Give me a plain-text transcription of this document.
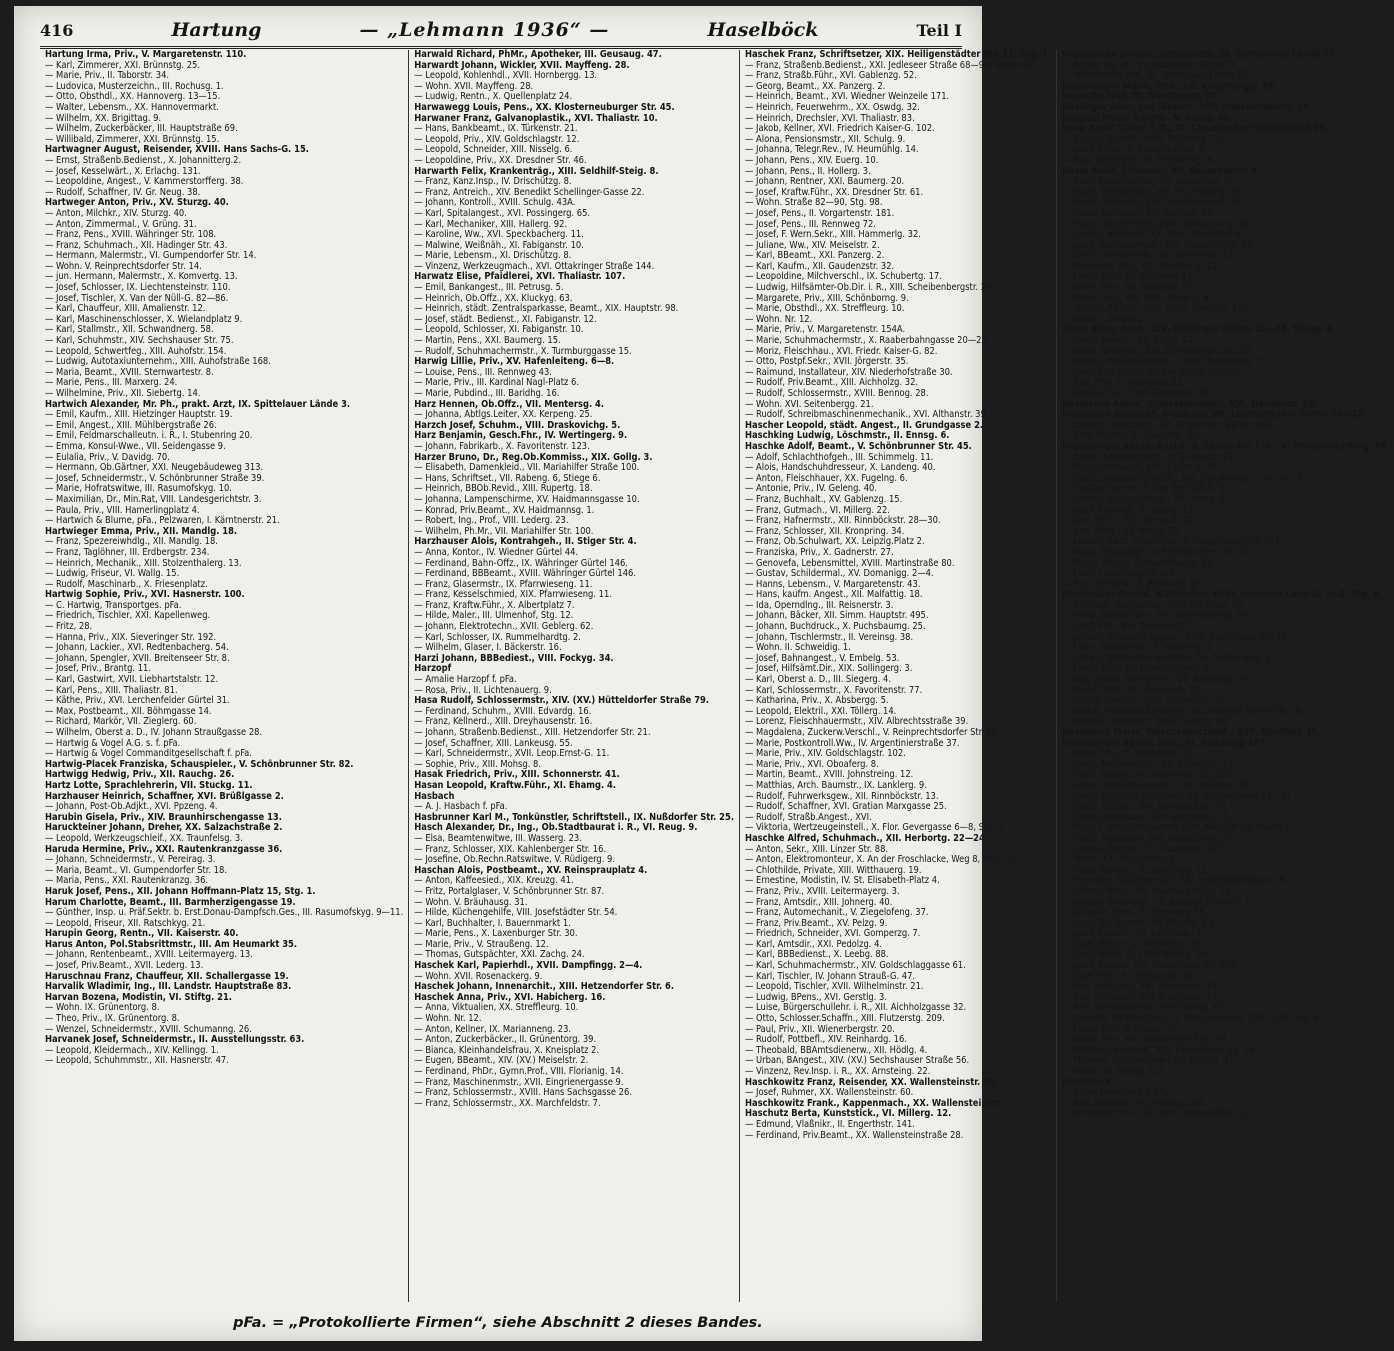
416	Hartung	— „Lehmann 1936“ —	Haselböck	Teil I
Hartung Irma, Priv., V. Margaretenstr. 110.
— Karl, Zimmerer, XXI. Brünnstg. 25.
— Marie, Priv., II. Taborstr. 34.
— Ludovica, Musterzeichn., III. Rochusg. 1.
— Otto, Obsthdl., XX. Hannoverg. 13—15.
— Walter, Lebensm., XX. Hannovermarkt.
— Wilhelm, XX. Brigittag. 9.
— Wilhelm, Zuckerbäcker, III. Hauptstraße 69.
— Willibald, Zimmerer, XXI. Brünnstg. 15.
Hartwagner August, Reisender, XVIII. Hans Sachs-G. 15.
— Ernst, Straßenb.Bedienst., X. Johannitterg.2.
— Josef, Kesselwärt., X. Erlachg. 131.
— Leopoldine, Angest., V. Kammerstorfferg. 38.
— Rudolf, Schaffner, IV. Gr. Neug. 38.
Hartweger Anton, Priv., XV. Sturzg. 40.
— Anton, Milchkr., XIV. Sturzg. 40.
— Anton, Zimmermal., V. Grüng. 31.
— Franz, Pens., XVIII. Währinger Str. 108.
— Franz, Schuhmach., XII. Hadinger Str. 43.
— Hermann, Malermstr., VI. Gumpendorfer Str. 14.
— Wohn. V. Reinprechtsdorfer Str. 14.
— jun. Hermann, Malermstr., X. Komvertg. 13.
— Josef, Schlosser, IX. Liechtensteinstr. 110.
— Josef, Tischler, X. Van der Nüll-G. 82—86.
— Karl, Chauffeur, XIII. Amalienstr. 12.
— Karl, Maschinenschlosser, X. Wielandplatz 9.
— Karl, Stallmstr., XII. Schwandnerg. 58.
— Karl, Schuhmstr., XIV. Sechshauser Str. 75.
— Leopold, Schwertfeg., XIII. Auhofstr. 154.
— Ludwig, Autotaxiunternehm., XIII. Auhofstraße 168.
— Maria, Beamt., XVIII. Sternwartestr. 8.
— Marie, Pens., III. Marxerg. 24.
— Wilhelmine, Priv., XII. Siebertg. 14.
Hartwich Alexander, Mr. Ph., prakt. Arzt, IX. Spittelauer Lände 3.
— Emil, Kaufm., XIII. Hietzinger Hauptstr. 19.
— Emil, Angest., XIII. Mühlbergstraße 26.
— Emil, Feldmarschalleutn. i. R., I. Stubenring 20.
— Emma, Konsul-Wwe., VII. Seidengasse 9.
— Eulalia, Priv., V. Davidg. 70.
— Hermann, Ob.Gärtner, XXI. Neugebäudeweg 313.
— Josef, Schneidermstr., V. Schönbrunner Straße 39.
— Marie, Hofratswitwe, III. Rasumofskyg. 10.
— Maximilian, Dr., Min.Rat, VIII. Landesgerichtstr. 3.
— Paula, Priv., VIII. Hamerlingplatz 4.
— Hartwich & Blume, pFa., Pelzwaren, I. Kärntnerstr. 21.
Hartwieger Emma, Priv., XII. Mandlg. 18.
— Franz, Spezereiwhdlg., XII. Mandlg. 18.
— Franz, Taglöhner, III. Erdbergstr. 234.
— Heinrich, Mechanik., XIII. Stolzenthalerg. 13.
— Ludwig, Friseur, VI. Wallg. 15.
— Rudolf, Maschinarb., X. Friesenplatz.
Hartwig Sophie, Priv., XVI. Hasnerstr. 100.
— C. Hartwig, Transportges. pFa.
— Friedrich, Tischler, XXI. Kapellenweg.
— Fritz, 28.
— Hanna, Priv., XIX. Sieveringer Str. 192.
— Johann, Lackier., XVI. Redtenbacherg. 54.
— Johann, Spengler, XVII. Breitenseer Str. 8.
— Josef, Priv., Brantg. 11.
— Karl, Gastwirt, XVII. Liebhartstalstr. 12.
— Karl, Pens., XIII. Thaliastr. 81.
— Käthe, Priv., XVI. Lerchenfelder Gürtel 31.
— Max, Postbeamt., XII. Böhmgasse 14.
— Richard, Markör, VII. Zieglerg. 60.
— Wilhelm, Oberst a. D., IV. Johann Straußgasse 28.
— Hartwig & Vogel A.G. s. f. pFa.
— Hartwig & Vogel Commanditgesellschaft f. pFa.
Hartwig-Placek Franziska, Schauspieler., V. Schönbrunner Str. 82.
Hartwigg Hedwig, Priv., XII. Rauchg. 26.
Hartz Lotte, Sprachlehrerin, VII. Stuckg. 11.
Harzhauser Heinrich, Schaffner, XVI. Brüßlgasse 2.
— Johann, Post-Ob.Adjkt., XVI. Ppzeng. 4.
Harubin Gisela, Priv., XIV. Braunhirschengasse 13.
Haruckteiner Johann, Dreher, XX. Salzachstraße 2.
— Leopold, Werkzeugschleif., XX. Traunfelsg. 3.
Haruda Hermine, Priv., XXI. Rautenkranzgasse 36.
— Johann, Schneidermstr., V. Pereirag. 3.
— Maria, Beamt., VI. Gumpendorfer Str. 18.
— Maria, Pens., XXI. Rautenkranzg. 36.
Haruk Josef, Pens., XII. Johann Hoffmann-Platz 15, Stg. 1.
Harum Charlotte, Beamt., III. Barmherzigengasse 19.
— Günther, Insp. u. Präf.Sektr. b. Erst.Donau-Dampfsch.Ges., III. Rasumofskyg. 9—11.
— Leopold, Friseur, XII. Ratschkyg. 21.
Harupin Georg, Rentn., VII. Kaiserstr. 40.
Harus Anton, Pol.Stabsrittmstr., III. Am Heumarkt 35.
— Johann, Rentenbeamt., XVIII. Leitermayerg. 13.
— Josef, Priv.Beamt., XVII. Lederg. 13.
Haruschnau Franz, Chauffeur, XII. Schallergasse 19.
Harvalik Wladimir, Ing., III. Landstr. Hauptstraße 83.
Harvan Bozena, Modistin, VI. Stiftg. 21.
— Wohn. IX. Grünentorg. 8.
— Theo, Priv., IX. Grünentorg. 8.
— Wenzel, Schneidermstr., XVIII. Schumanng. 26.
Harvanek Josef, Schneidermstr., II. Ausstellungsstr. 63.
— Leopold, Kleidermach., XIV. Kellingg. 1.
— Leopold, Schuhmmstr., XII. Hasnerstr. 47.
Harwald Richard, PhMr., Apotheker, III. Geusaug. 47.
Harwardt Johann, Wickler, XVII. Mayffeng. 28.
— Leopold, Kohlenhdl., XVII. Hornbergg. 13.
— Wohn. XVII. Mayffeng. 28.
— Ludwig, Rentn., X. Quellenplatz 24.
Harwawegg Louis, Pens., XX. Klosterneuburger Str. 45.
Harwaner Franz, Galvanoplastik., XVI. Thaliastr. 10.
— Hans, Bankbeamt., IX. Türkenstr. 21.
— Leopold, Priv., XIV. Goldschlagstr. 12.
— Leopold, Schneider, XIII. Nisselg. 6.
— Leopoldine, Priv., XX. Dresdner Str. 46.
Harwarth Felix, Krankenträg., XIII. Seldhilf-Steig. 8.
— Franz, Kanz.Insp., IV. Drischützg. 8.
— Franz, Antreich., XIV. Benedikt Schellinger-Gasse 22.
— Johann, Kontroll., XVIII. Schulg. 43A.
— Karl, Spitalangest., XVI. Possingerg. 65.
— Karl, Mechaniker, XIII. Hallerg. 92.
— Karoline, Ww., XVI. Speckbacherg. 11.
— Malwine, Weißnäh., XI. Fabiganstr. 10.
— Marie, Lebensm., XI. Drischützg. 8.
— Vinzenz, Werkzeugmach., XVI. Ottakringer Straße 144.
Harwatz Elise, Pfaidlerei, XVI. Thaliastr. 107.
— Emil, Bankangest., III. Petrusg. 5.
— Heinrich, Ob.Offz., XX. Kluckyg. 63.
— Heinrich, städt. Zentralsparkasse, Beamt., XIX. Hauptstr. 98.
— Josef, städt. Bedienst., XI. Fabiganstr. 12.
— Leopold, Schlosser, XI. Fabiganstr. 10.
— Martin, Pens., XXI. Baumerg. 15.
— Rudolf, Schuhmachermstr., X. Turmburggasse 15.
Harwig Lillie, Priv., XV. Hafenleiteng. 6—8.
— Louise, Pens., III. Rennweg 43.
— Marie, Priv., III. Kardinal Nagl-Platz 6.
— Marie, Pubdind., III. Baridhg. 16.
Harz Hennen, Ob.Offz., VII. Mentersg. 4.
— Johanna, Abtlgs.Leiter, XX. Kerpeng. 25.
Harzch Josef, Schuhm., VIII. Draskovichg. 5.
Harz Benjamin, Gesch.Fhr., IV. Wertingerg. 9.
— Johann, Fabrikarb., X. Favoritenstr. 123.
Harzer Bruno, Dr., Reg.Ob.Kommiss., XIX. Gollg. 3.
— Elisabeth, Damenkleid., VII. Mariahilfer Straße 100.
— Hans, Schriftset., VII. Rabeng. 6, Stiege 6.
— Heinrich, BBOb.Revid., XIII. Rupertg. 18.
— Johanna, Lampenschirme, XV. Haidmannsgasse 10.
— Konrad, Priv.Beamt., XV. Haidmannsg. 1.
— Robert, Ing., Prof., VIII. Lederg. 23.
— Wilhelm, Ph.Mr., VII. Mariahilfer Str. 100.
Harzhauser Alois, Kontrahgeh., II. Stiger Str. 4.
— Anna, Kontor., IV. Wiedner Gürtel 44.
— Ferdinand, Bahn-Offz., IX. Währinger Gürtel 146.
— Ferdinand, BBBeamt., XVIII. Währinger Gürtel 146.
— Franz, Glasermstr., IX. Pfarrwieseng. 11.
— Franz, Kesselschmied, XIX. Pfarrwieseng. 11.
— Franz, Kraftw.Führ., X. Albertplatz 7.
— Hilde, Maler., III. Ulmenhof, Stg. 12.
— Johann, Elektrotechn., XVII. Geblerg. 62.
— Karl, Schlosser, IX. Rummelhardtg. 2.
— Wilhelm, Glaser, I. Bäckerstr. 16.
Harzi Johann, BBBediest., VIII. Fockyg. 34.
Harzopf
— Amalie Harzopf f. pFa.
— Rosa, Priv., II. Lichtenauerg. 9.
Hasa Rudolf, Schlossermstr., XIV. (XV.) Hütteldorfer Straße 79.
— Ferdinand, Schuhm., XVIII. Edvardg. 16.
— Franz, Kellnerd., XIII. Dreyhausenstr. 16.
— Johann, Straßenb.Bedienst., XIII. Hetzendorfer Str. 21.
— Josef, Schaffner, XIII. Lankeusg. 55.
— Karl, Schneidermstr., XVII. Leop.Ernst-G. 11.
— Sophie, Priv., XIII. Mohsg. 8.
Hasak Friedrich, Priv., XIII. Schonnerstr. 41.
Hasan Leopold, Kraftw.Führ., XI. Ehamg. 4.
Hasbach
— A. J. Hasbach f. pFa.
Hasbrunner Karl M., Tonkünstler, Schriftstell., IX. Nußdorfer Str. 25.
Hasch Alexander, Dr., Ing., Ob.Stadtbaurat i. R., VI. Reug. 9.
— Elsa, Beamtenwitwe, III. Wasserg. 23.
— Franz, Schlosser, XIX. Kahlenberger Str. 16.
— Josefine, Ob.Rechn.Ratswitwe, V. Rüdigerg. 9.
Haschan Alois, Postbeamt., XV. Reinsprauplatz 4.
— Anton, Kaffeesied., XIX. Kreuzg. 41.
— Fritz, Portalglaser, V. Schönbrunner Str. 87.
— Wohn. V. Bräuhausg. 31.
— Hilde, Küchengehilfe, VIII. Josefstädter Str. 54.
— Karl, Buchhalter, I. Bauernmarkt 1.
— Marie, Pens., X. Laxenburger Str. 30.
— Marie, Priv., V. Straußeng. 12.
— Thomas, Gutspächter, XXI. Zachg. 24.
Haschek Karl, Papierhdl., XVII. Dampfingg. 2—4.
— Wohn. XVII. Rosenackerg. 9.
Haschek Johann, Innenarchit., XIII. Hetzendorfer Str. 6.
Haschek Anna, Priv., XVI. Habicherg. 16.
— Anna, Viktualien, XX. Streffleurg. 10.
— Wohn. Nr. 12.
— Anton, Kellner, IX. Marianneng. 23.
— Anton, Zuckerbäcker., II. Grünentorg. 39.
— Bianca, Kleinhandelsfrau, X. Kneisplatz 2.
— Eugen, BBeamt., XIV. (XV.) Meiselstr. 2.
— Ferdinand, PhDr., Gymn.Prof., VIII. Florianig. 14.
— Franz, Maschinenmstr., XVII. Eingrienergasse 9.
— Franz, Schlossermstr., XVIII. Hans Sachsgasse 26.
— Franz, Schlossermstr., XX. Marchfeldstr. 7.
Haschek Franz, Schriftsetzer, XIX. Heiligenstädter Str. 11, Stg. 1.
— Franz, Straßenb.Bedienst., XXI. Jedleseer Straße 68—94, Stiege 20.
— Franz, Straßb.Führ., XVI. Gablenzg. 52.
— Georg, Beamt., XX. Panzerg. 2.
— Heinrich, Beamt., XVI. Wiedner Weinzeile 171.
— Heinrich, Feuerwehrm., XX. Oswdg. 32.
— Heinrich, Drechsler, XVI. Thaliastr. 83.
— Jakob, Kellner, XVI. Friedrich Kaiser-G. 102.
— Alona, Pensionsmstr., XII. Schulg. 9.
— Johanna, Telegr.Rev., IV. Heumühlg. 14.
— Johann, Pens., XIV. Euerg. 10.
— Johann, Pens., II. Hollerg. 3.
— Johann, Rentner, XXI. Baumerg. 20.
— Josef, Kraftw.Führ., XX. Dresdner Str. 61.
— Wohn. Straße 82—90, Stg. 98.
— Josef, Pens., II. Vorgartenstr. 181.
— Josef, Pens., III. Rennweg 72.
— Josef, F. Wern.Sekr., XIII. Hammerlg. 32.
— Juliane, Ww., XIV. Meiselstr. 2.
— Karl, BBeamt., XXI. Panzerg. 2.
— Karl, Kaufm., XII. Gaudenzstr. 32.
— Leopoldine, Milchverschl., IX. Schubertg. 17.
— Ludwig, Hilfsämter-Ob.Dir. i. R., XIII. Scheibenbergstr. 29.
— Margarete, Priv., XIII. Schönborng. 9.
— Marie, Obsthdl., XX. Streffleurg. 10.
— Wohn. Nr. 12.
— Marie, Priv., V. Margaretenstr. 154A.
— Marie, Schuhmachermstr., X. Raaberbahngasse 20—22.
— Moriz, Fleischhau., XVI. Friedr. Kaiser-G. 82.
— Otto, Postpf.Sekr., XVII. Jörgerstr. 35.
— Raimund, Installateur, XIV. Niederhofstraße 30.
— Rudolf, Priv.Beamt., XIII. Aichholzg. 32.
— Rudolf, Schlossermstr., XVIII. Bennog. 28.
— Wohn. XVI. Seitenbergg. 21.
— Rudolf, Schreibmaschinenmechanik., XVI. Althanstr. 39.
Hascher Leopold, städt. Angest., II. Grundgasse 2.
Haschking Ludwig, Löschmstr., II. Ennsg. 6.
Haschke Adolf, Beamt., V. Schönbrunner Str. 45.
— Adolf, Schlachthofgeh., III. Schimmelg. 11.
— Alois, Handschuhdresseur, X. Landeng. 40.
— Anton, Fleischhauer, XX. Fugelng. 6.
— Antonie, Priv., IV. Geleng. 40.
— Franz, Buchhalt., XV. Gablenzg. 15.
— Franz, Gutmach., VI. Millerg. 22.
— Franz, Hafnermstr., XII. Rinnböckstr. 28—30.
— Franz, Schlosser, XII. Kronpring. 34.
— Franz, Ob.Schulwart, XX. Leipzig.Platz 2.
— Franziska, Priv., X. Gadnerstr. 27.
— Genovefa, Lebensmittel, XVIII. Martinstraße 80.
— Gustav, Schildermal., XV. Domanigg. 2—4.
— Hanns, Lebensm., V. Margaretenstr. 43.
— Hans, kaufm. Angest., XII. Malfattig. 18.
— Ida, Operndlng., III. Reisnerstr. 3.
— Johann, Bäcker, XII. Simm. Hauptstr. 495.
— Johann, Buchdruck., X. Puchsbaumg. 25.
— Johann, Tischlermstr., II. Vereinsg. 38.
— Wohn. II. Schweidig. 1.
— Josef, Bahnangest., V. Embelg. 53.
— Josef, Hilfsämt.Dir., XIX. Sollingerg. 3.
— Karl, Oberst a. D., III. Siegerg. 4.
— Karl, Schlossermstr., X. Favoritenstr. 77.
— Katharina, Priv., X. Absbergg. 5.
— Leopold, Elektril., XXI. Töllerg. 14.
— Lorenz, Fleischhauermstr., XIV. Albrechtsstraße 39.
— Magdalena, Zuckerw.Verschl., V. Reinprechtsdorfer Str. 10.
— Marie, Postkontroll.Ww., IV. Argentinierstraße 37.
— Marie, Priv., XIV. Goldschlagstr. 102.
— Marie, Priv., XVI. Oboaferg. 8.
— Martin, Beamt., XVIII. Johnstreing. 12.
— Matthias, Arch. Baumstr., IX. Lanklerg. 9.
— Rudolf, Fuhrwerksgew., XII. Rinnböckstr. 13.
— Rudolf, Schaffner, XVI. Gratian Marxgasse 25.
— Rudolf, Straßb.Angest., XVI.
— Viktoria, Wertzeugeinstell., X. Flor. Gevergasse 6—8, Stg. 3.
Haschke Alfred, Schuhmach., XII. Herbortg. 22—24.
— Anton, Sekr., XIII. Linzer Str. 88.
— Anton, Elektromonteur, X. An der Froschlacke, Weg 8, Parz. 50.
— Chlothilde, Private, XIII. Witthauerg. 19.
— Ernestine, Modistin, IV. St. Elisabeth-Platz 4.
— Franz, Priv., XVIII. Leitermayerg. 3.
— Franz, Amtsdir., XIII. Johnerg. 40.
— Franz, Automechanit., V. Ziegelofeng. 37.
— Franz, Priv.Beamt., XV. Pelzg. 9.
— Friedrich, Schneider, XVI. Gomperzg. 7.
— Karl, Amtsdir., XXI. Pedolzg. 4.
— Karl, BBBedienst., X. Leebg. 88.
— Karl, Schuhmachermstr., XIV. Goldschlaggasse 61.
— Karl, Tischler, IV. Johann Strauß-G. 47.
— Leopold, Tischler, XVII. Wilhelminstr. 21.
— Ludwig, BPens., XVI. Gerstlg. 3.
— Luise, Bürgerschullehr. i. R., XII. Aichholzgasse 32.
— Otto, Schlosser.Schaffn., XIII. Flutzerstg. 209.
— Paul, Priv., XII. Wienerbergstr. 20.
— Rudolf, Pottbefl., XIV. Reinhardg. 16.
— Theobald, BBAmtsdienerw., XII. Hödlg. 4.
— Urban, BAngest., XIV. (XV.) Sechshauser Straße 56.
— Vinzenz, Rev.Insp. i. R., XX. Arnsteing. 22.
Haschkowitz Franz, Reisender, XX. Wallensteinstr. 60.
— Josef, Ruhmer, XX. Wallensteinstr. 60.
Haschkowitz Frank., Kappenmach., XX. Wallensteinstr.
Haschutz Berta, Kunststick., VI. Millerg. 12.
— Edmund, Vlaßnikr., II. Engerthstr. 141.
— Ferdinand, Priv.Beamt., XX. Wallensteinstraße 28.
Haschmann Johann, Sattlermstr., IX. Spittelauer Lände 27.
— Anton, Ing.-Pr., XV. Mariahilfer Gürtel 3.
— Wilhelmine, Ww., IX. Spittelauer Lände 27.
Haschmayer Marie, Priv., XX. Kugelfangg. 58.
Hasenfle Wirt, III. Guntherstr. 76.
Haslinger Alois, Jnd. Beamt., VIII. Stolzenthalerg. 18.
Haschel Franz, Kaufm., V. Kohlg. 46.
Hase Adolf, Zollof. i. R., III. Landstraßer Hauptstraße 95.
— August, Beamt., XVIII. Roßhartg. 70.
— Josef, Pens., X. Naaderbahng. 2.
— Paul, Drechsler, XII. Frühwirthg. 8.
Hasel Adolf, Schlosser, XV. Rauscherstr. 9.
— Alois, Automonteur, XX. Salzachstr. 32.
— Franz, Eisendreher, XIV. (XV.) Klachg. 53.
— Franz, Schlosser, XIII. Dreyhausenstr. 16.
— Franz, Schlosser, XX. Winterg. 27.
— Franz, Wagnermstr., XVIII. Schumanng. 38.
— Johann, Antreich., XX. Pater Abel-Platz 9.
— Josef, Drechslermstr., XVI. Heigerleinstr. 18.
— Josef, Tischlermstr., XIV. Wurmieng. 11.
— Marianne, Priv., XX. Streffleurg. 12.
— Marie, Priv., XII. Rennweg 14.
— Marie, Priv., XX. Rampstr. 13.
— Marie, Priv., XXI. Wilh. Raab-G. 4.
— Wenzel, Fa.Ges., XVII. Hern. Hauptstr. 159.
— Wohn. I. Rudolf 5.
Hasel Alois, Rent., XIX. Döblinger Gürtel 21—23, Stiege 3.
— Franz, Angest., XII. Salbg. 22.
— Franz, Schlosser, XIX. Kahlenberger Str. 16.
— Johann, Pol.Bezirksinsp., I. Priv. Possingerg. 57.
— Josef, Lod.Tras., I. Mölker Bastei (Hütte).
— Karl, Priv., V. Gumperg. 61.
— Sophie, Priv., XVIII. Gablenzg. 52.
Haselauer Anton, Stukkateurmstr., XVI. Hasnerstr. 25.
Haselbach Benedikt, Drechsler, VII. Lerchenfelder Gürtel 26—28.
— Karoline, Wäscherz., XX. Engerthstr. 99 bis 109.
— Rina, Private, II. Stuwerstr. 44.
Haselberger Anton, Assist. d. SBahn-Dir. i. R., X. Perneerstorferg. 66.
— Anton, BBahnschaffn., II. Eichenstr. 23.
— Franz, Amtswart, XVII. Lackerg. 34.
— Franz, Straßenb.Schaffn., XIII. Schulhausg. 2—6, Stg. 3.
— Gustav, Dreher, X. Van der Nüll-G. 3.
— Johann, Schlossermstr., XV. Palmg. 8.
— Josef, Kleinhdl., X. Kleing. 45.
— Karl, Bertr., XVI. Rampstr. 24.
— Karl, Berlt., XV. Wattg. 59.
— Lorenz, städt. Oberlehrer, II. Vorgartenstraße 182.
— Maria, Hausange., V. Schönbrunner Str. 72.
— Maria, Priv., II. Schlachthausg. 34.
— Math. Haselberger f. pFa.
— Paul, Schneid., II. Rennweg 33.
Haseleauer Arnold, Hutmacher, XVIII. Innozenz Lang-G. 1—2, Stg. 8.
— Berthold, Hutmacher, XVIII. Martinstr. 60.
— Franz, Straßb.Führ., XVI. Redtenbachg. 54.
— Josef, Priv., VIII. Schlösselg. 2.
— Johann, Straßenb.Angest., XVIII. Breitenseer Str. 12.
— Klara, Hausbesitz., X. Muhreng. 5.
— Ludwig, Beleuchtungswärter, XI. Gottschaltg. 3.
— Marie, Priv., XV. Henrietteplatz 3.
— Mag. graph. Fachgesch., VII. Neubaug. 78.
— Rudolf, Priv., XX. Aspernstr. 12.
— Rudolf, Kanzlist, XVIII. Semperstr. 35.
— Rudolf, Straßenb.Schaffner, XX. Adalbert Stifter-Str. 16.
— Wilhelm, Kranführ., XVIII. Gaberg. 54.
Haselbeck Marie, Wäschebeschließ., XVII. Schilfstr. 16.
Haselberger Agnes, Priv., III. Rundweg 477.
— Anna, Priv., IX. Sobieskig. 21.
— Franz, Feuerwehrm., XX. Kleinerstr. 29.
— Franz, Kaufm., XV. Mariahilfer Str. 161.
— Anna, Straßenb.Angest., XXI. Stadlauer Str. 3.
— Franz, Straßenb.Schaffner, XX. Kolpinggasse 15—21.
— Franz, Tischler, XVI. Bernhardtstr. 43.
— Franz, Weinhauer, XIX. Himmelstr. 16.
— Franz F. Hotel-Restaurant XVIII. Neustift am Walde 2.
— Franz, Tapezierer, XIX. Rudolfinerg. 19.
— Gustav, Stricker, XX. Pasettistr. 105.
— Wohn. XX. Pöchlarnstr. 8.
— Hans, Rentner, IX. Bleicherg. 11.
— Hermann, Taschnermstr., XIII. Hochfassengasse 29.
— Johann, Pens., XIII. Hainburger Str. 24.
— Johann, Zimmerm., IX. Wilhelm Exner-G. 1.
— Johanna, Pens., III. Rennweg 16.
— Josef, Dr., Beamt., XV. Fröbelg. 53.
— Josef, Fleisch., XII. Lanbrudg. 2.
— Josef, Hetzer, V. Wimmerg. 19.
— Josef, Hotel, III. Linke Bahng. 1A.
— Josef, Maurer, XIX. Sieveringer Str. 275.
— Josef, Priv., XV. Schanzstr. 40.
— Karl, Amtsgeh., XVI. Himmelstr. 61.
— Karl, Schlosser, XVI. Enentelstr. 16.
— Karl, Schlossermstr., XIV. Fahrdg. 47.
— Leopold, Pol.Kanz.Insp., V. Margaretenstr. 100—104, Stg. 9.
— Maria, Priv., II. Ennsg. 20.
— Maria, Priv., XIX. Sieveringer Str. 164.
— Matthias, Kleinhdl., XVI. Kalvarienbergg. 56.
— Therese, Taschnergew., VII. Zollerg. 37.
— Wohn. VII. Burgg. 121.
Haselböck
— Anton Haselböck f. pFa.
— Karl, Musiker, VII. Lindeng. 14A.
— Ernestine, Priv., XVI. Rich. Wagner-Platz 12.
pFa. = „Protokollierte Firmen“, siehe Abschnitt 2 dieses Bandes.
